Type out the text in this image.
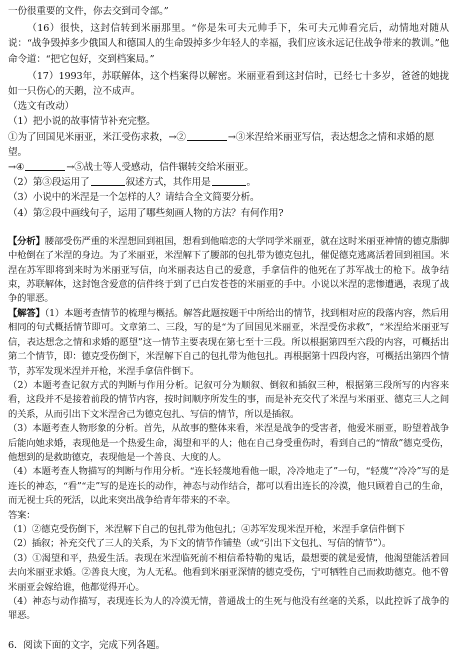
一份很重要的文件，你去交到司令部。”

（16）很快，这封信转到米丽那里。“你是朱可夫元帅手下，朱可夫元帅看完后，动情地对随从说：“战争毁掉多少俄国人和德国人的生命毁掉多少年轻人的幸福，我们应该永远记住战争带来的教训。”他命令道：“把它包好，交到档案局。”

（17）1993年，苏联解体，这个档案得以解密。米丽亚看到这封信时，已经七十多岁，爸爸的她拢如一只伤心的天鹅，泣不成声。

（选文有改动）

（1）把小说的故事情节补充完整。

①为了回国见米丽亚，米江受伤求救，→②	→③米涅给米丽亚写信，表达想念之情和求婚的愿望。

→④	→⑤战士等人受感动，信件辗转交给米丽亚。

（2）第③段运用了	叙述方式，其作用是	。

（3）小说中的米涅是一个怎样的人？请结合全文简要分析。

（4）第②段中画线句子，运用了哪些刻画人物的方法？有何作用?

【分析】腰部受伤严重的米涅想回到祖国，想看到他暗恋的大学同学米丽亚，就在这时米丽亚神情的德克脂脚中枪倒在了米涅的身边。为了米丽亚，米涅解下了腰部的包扎带为德克包扎，催促德克逃离活着回到祖国。米涅在苏军即将到来时为米丽亚写信，向米丽表达自己的爱意，手拿信件的他死在了苏军战士的枪下。战争结束，苏联解体，这封饱含爱意的信件终于到了已白发苍苍的米丽亚的手中。小说以米涅的悲惨遭遇，表现了战争的罪恶。

【解答】（1）本题考查情节的梳理与概括。解答此题按题干中所给出的情节，找到相对应的段落内容，然后用相同的句式概括情节即可。文章第二、三段，写的是“为了回国见米丽亚，米涅受伤求救”，“米涅给米丽亚写信，表达想念之情和求婚的愿望”这一情节主要表现在第七至十三段。所以根据第四至六段的内容，可概括出第二个情节，即：德克受伤倒下，米涅解下自己的包扎带为他包扎。再根据第十四段内容，可概括出第四个情节，苏军发现米涅并开枪，米涅手拿信件倒下。

（2）本题考查记叙方式的判断与作用分析。记叙可分为顺叙、倒叙和插叙三种，根据第三段所写的内容来看，这段并不是接着前段的情节内容，按时间顺序所发生的事，而是补充交代了米涅与米丽亚、德克三人之间的关系，从而引出下文米涅舍己为德克包扎、写信的情节，所以是插叙。

（3）本题考查人物形象的分析。首先，从故事的整体来看，米涅是战争的受害者，他爱米丽亚，盼望着战争后能向她求婚，表现他是一个热爱生命，渴望和平的人；他在自己身受重伤时，看到自己的“情敌”德克受伤，他想到的是救助德克，表现他是一个善良、大度的人。

（4）本题考查人物描写的判断与作用分析。“连长轻蔑地看他一眼，冷冷地走了”一句，“轻蔑”“冷冷”写的是连长的神态，“看”“走”写的是连长的动作，神态与动作结合，都可以看出连长的冷漠，他只顾着自己的生命，而无视士兵的死活，以此来突出战争给青年带来的不幸。

答案：

（1）②德克受伤倒下，米涅解下自己的包扎带为他包扎；④苏军发现米涅开枪，米涅手拿信件倒下

（2）插叙；补充交代了三人的关系，为下文的情节作铺垫（或“引出下文包扎、写信的情节”）。

（3）①渴望和平，热爱生活。表现在米涅临死前不相信希特勒的鬼话，最想要的就是爱情，他渴望能活着回去向米丽亚求婚。②善良大度，为人无私。他看到米丽亚深情的德克受伤，宁可牺牲自己而救助德克。他不曾米丽亚会嫁给谁，他都觉得开心。

（4）神态与动作描写，表现连长为人的冷漠无情，普通战士的生死与他没有丝毫的关系，以此控诉了战争的罪恶。

6．阅读下面的文字，完成下列各题。
